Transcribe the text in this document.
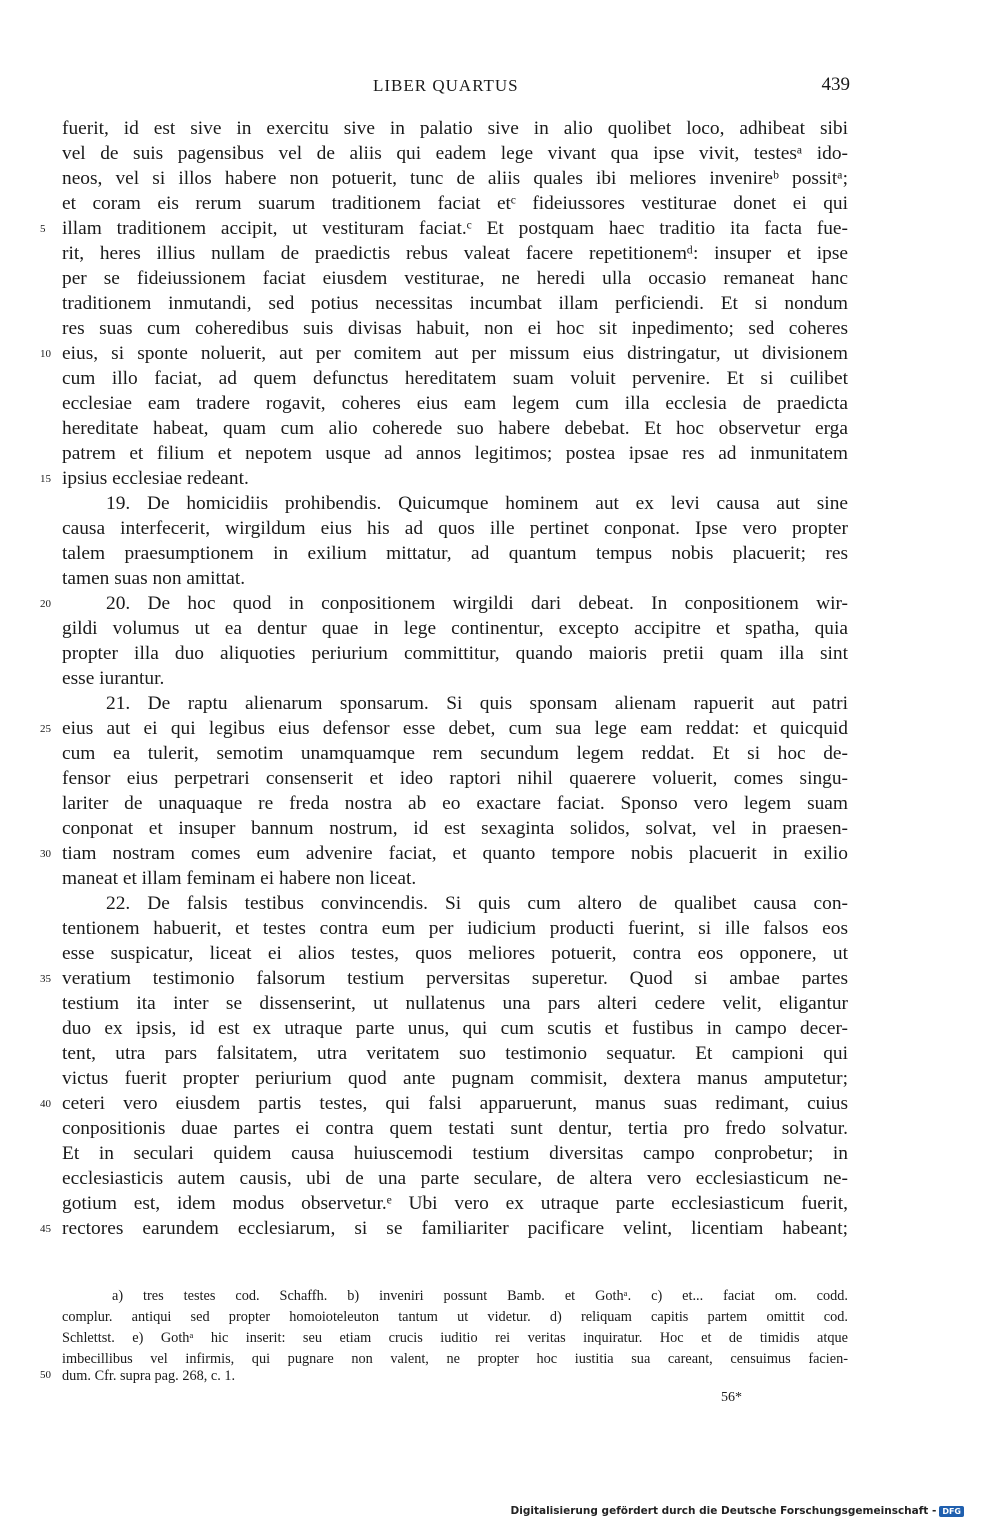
LIBER QUARTUS	439
fuerit, id est sive in exercitu sive in palatio sive in alio quolibet loco, adhibeat sibi
vel de suis pagensibus vel de aliis qui eadem lege vivant qua ipse vivit, testesᵃ ido-
neos, vel si illos habere non potuerit, tunc de aliis quales ibi meliores invenireᵇ possitᵃ;
et coram eis rerum suarum traditionem faciat etᶜ fideiussores vestiturae donet ei qui
illam traditionem accipit, ut vestituram faciat.ᶜ Et postquam haec traditio ita facta fue-
rit, heres illius nullam de praedictis rebus valeat facere repetitionemᵈ: insuper et ipse
per se fideiussionem faciat eiusdem vestiturae, ne heredi ulla occasio remaneat hanc
traditionem inmutandi, sed potius necessitas incumbat illam perficiendi. Et si nondum
res suas cum coheredibus suis divisas habuit, non ei hoc sit inpedimento; sed coheres
eius, si sponte noluerit, aut per comitem aut per missum eius distringatur, ut divisionem
cum illo faciat, ad quem defunctus hereditatem suam voluit pervenire. Et si cuilibet
ecclesiae eam tradere rogavit, coheres eius eam legem cum illa ecclesia de praedicta
hereditate habeat, quam cum alio coherede suo habere debebat. Et hoc observetur erga
patrem et filium et nepotem usque ad annos legitimos; postea ipsae res ad inmunitatem
ipsius ecclesiae redeant.
19. De homicidiis prohibendis. Quicumque hominem aut ex levi causa aut sine
causa interfecerit, wirgildum eius his ad quos ille pertinet conponat. Ipse vero propter
talem praesumptionem in exilium mittatur, ad quantum tempus nobis placuerit; res
tamen suas non amittat.
20. De hoc quod in conpositionem wirgildi dari debeat. In conpositionem wir-
gildi volumus ut ea dentur quae in lege continentur, excepto accipitre et spatha, quia
propter illa duo aliquoties periurium committitur, quando maioris pretii quam illa sint
esse iurantur.
21. De raptu alienarum sponsarum. Si quis sponsam alienam rapuerit aut patri
eius aut ei qui legibus eius defensor esse debet, cum sua lege eam reddat: et quicquid
cum ea tulerit, semotim unamquamque rem secundum legem reddat. Et si hoc de-
fensor eius perpetrari consenserit et ideo raptori nihil quaerere voluerit, comes singu-
lariter de unaquaque re freda nostra ab eo exactare faciat. Sponso vero legem suam
conponat et insuper bannum nostrum, id est sexaginta solidos, solvat, vel in praesen-
tiam nostram comes eum advenire faciat, et quanto tempore nobis placuerit in exilio
maneat et illam feminam ei habere non liceat.
22. De falsis testibus convincendis. Si quis cum altero de qualibet causa con-
tentionem habuerit, et testes contra eum per iudicium producti fuerint, si ille falsos eos
esse suspicatur, liceat ei alios testes, quos meliores potuerit, contra eos opponere, ut
veratium testimonio falsorum testium perversitas superetur. Quod si ambae partes
testium ita inter se dissenserint, ut nullatenus una pars alteri cedere velit, eligantur
duo ex ipsis, id est ex utraque parte unus, qui cum scutis et fustibus in campo decer-
tent, utra pars falsitatem, utra veritatem suo testimonio sequatur. Et campioni qui
victus fuerit propter periurium quod ante pugnam commisit, dextera manus amputetur;
ceteri vero eiusdem partis testes, qui falsi apparuerunt, manus suas redimant, cuius
conpositionis duae partes ei contra quem testati sunt dentur, tertia pro fredo solvatur.
Et in seculari quidem causa huiuscemodi testium diversitas campo conprobetur; in
ecclesiasticis autem causis, ubi de una parte seculare, de altera vero ecclesiasticum ne-
gotium est, idem modus observetur.ᵉ Ubi vero ex utraque parte ecclesiasticum fuerit,
rectores earundem ecclesiarum, si se familiariter pacificare velint, licentiam habeant;
5
10
15
20
25
30
35
40
45
50
a) tres testes cod. Schaffh. b) inveniri possunt Bamb. et Gothᵃ. c) et... faciat om. codd.
complur. antiqui sed propter homoioteleuton tantum ut videtur. d) reliquam capitis partem omittit cod.
Schlettst. e) Gothᵃ hic inserit: seu etiam crucis iuditio rei veritas inquiratur. Hoc et de timidis atque
imbecillibus vel infirmis, qui pugnare non valent, ne propter hoc iustitia sua careant, censuimus facien-
dum. Cfr. supra pag. 268, c. 1.
56*
Digitalisierung gefördert durch die Deutsche Forschungsgemeinschaft - DFG
